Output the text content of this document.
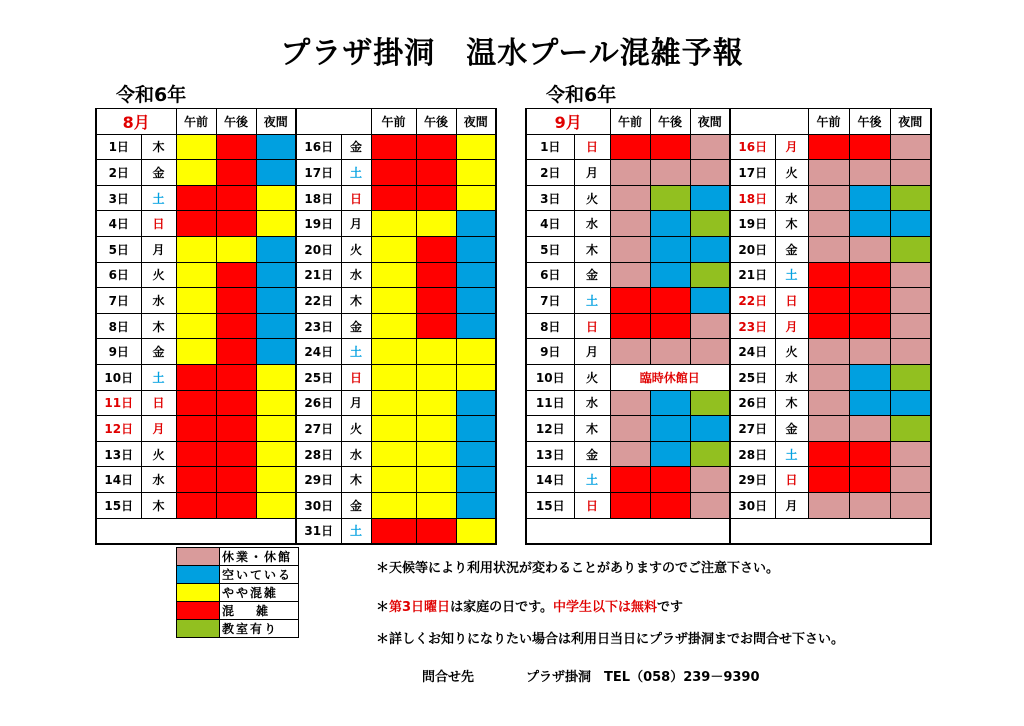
プラザ掛洞　温水プール混雑予報
令和6年	令和6年
8月		午前	午後	夜間			午前	午後	夜間
1日	木				16日	金			
2日	金				17日	土			
3日	土				18日	日			
4日	日				19日	月			
5日	月				20日	火			
6日	火				21日	水			
7日	水				22日	木			
8日	木				23日	金			
9日	金				24日	土			
10日	土				25日	日			
11日	日				26日	月			
12日	月				27日	火			
13日	火				28日	水			
14日	水				29日	木			
15日	木				30日	金			
					31日	土			
9月		午前	午後	夜間			午前	午後	夜間
1日	日				16日	月			
2日	月				17日	火			
3日	火				18日	水			
4日	水				19日	木			
5日	木				20日	金			
6日	金				21日	土			
7日	土				22日	日			
8日	日				23日	月			
9日	月				24日	火			
10日	火	臨時休館日			25日	水			
11日	水				26日	木			
12日	木				27日	金			
13日	金				28日	土			
14日	土				29日	日			
15日	日				30日	月			

	休業・休館
	空いている
	やや混雑
	混　 雑
	教室有り
＊天候等により利用状況が変わることがありますのでご注意下さい。
＊第3日曜日は家庭の日です。中学生以下は無料です
＊詳しくお知りになりたい場合は利用日当日にプラザ掛洞までお問合せ下さい。
問合せ先　　　　	プラザ掛洞　TEL（058）239－9390
